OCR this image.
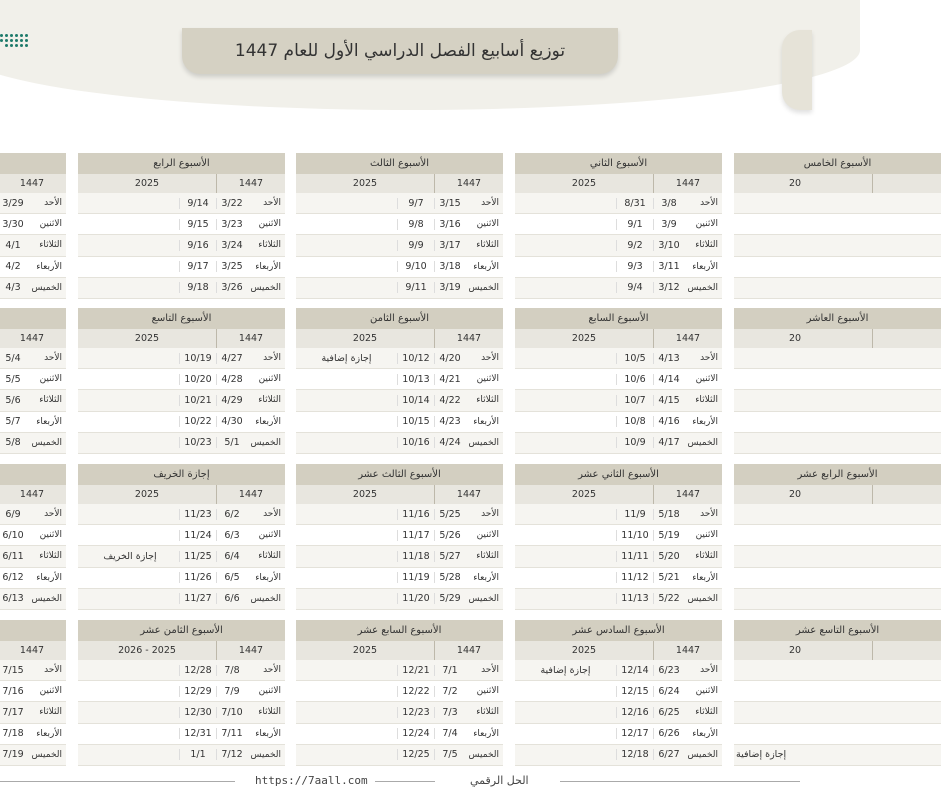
توزيع أسابيع الفصل الدراسي الأول للعام 1447
الأسبوع الثاني
1447
2025
الأحد
3/8
8/31
الاثنين
3/9
9/1
الثلاثاء
3/10
9/2
الأربعاء
3/11
9/3
الخميس
3/12
9/4
الأسبوع الثالث
1447
2025
الأحد
3/15
9/7
الاثنين
3/16
9/8
الثلاثاء
3/17
9/9
الأربعاء
3/18
9/10
الخميس
3/19
9/11
الأسبوع الرابع
1447
2025
الأحد
3/22
9/14
الاثنين
3/23
9/15
الثلاثاء
3/24
9/16
الأربعاء
3/25
9/17
الخميس
3/26
9/18
1447
الأحد
3/29
الاثنين
3/30
الثلاثاء
4/1
الأربعاء
4/2
الخميس
4/3
الأسبوع السابع
1447
2025
الأحد
4/13
10/5
الاثنين
4/14
10/6
الثلاثاء
4/15
10/7
الأربعاء
4/16
10/8
الخميس
4/17
10/9
الأسبوع الثامن
1447
2025
الأحد
4/20
10/12
إجازة إضافية
الاثنين
4/21
10/13
الثلاثاء
4/22
10/14
الأربعاء
4/23
10/15
الخميس
4/24
10/16
الأسبوع التاسع
1447
2025
الأحد
4/27
10/19
الاثنين
4/28
10/20
الثلاثاء
4/29
10/21
الأربعاء
4/30
10/22
الخميس
5/1
10/23
1447
الأحد
5/4
الاثنين
5/5
الثلاثاء
5/6
الأربعاء
5/7
الخميس
5/8
الأسبوع الثاني عشر
1447
2025
الأحد
5/18
11/9
الاثنين
5/19
11/10
الثلاثاء
5/20
11/11
الأربعاء
5/21
11/12
الخميس
5/22
11/13
الأسبوع الثالث عشر
1447
2025
الأحد
5/25
11/16
الاثنين
5/26
11/17
الثلاثاء
5/27
11/18
الأربعاء
5/28
11/19
الخميس
5/29
11/20
إجازة الخريف
1447
2025
الأحد
6/2
11/23
الاثنين
6/3
11/24
الثلاثاء
6/4
11/25
الأربعاء
6/5
11/26
الخميس
6/6
11/27
إجازة الخريف
1447
الأحد
6/9
الاثنين
6/10
الثلاثاء
6/11
الأربعاء
6/12
الخميس
6/13
الأسبوع السادس عشر
1447
2025
الأحد
6/23
12/14
إجازة إضافية
الاثنين
6/24
12/15
الثلاثاء
6/25
12/16
الأربعاء
6/26
12/17
الخميس
6/27
12/18
الأسبوع السابع عشر
1447
2025
الأحد
7/1
12/21
الاثنين
7/2
12/22
الثلاثاء
7/3
12/23
الأربعاء
7/4
12/24
الخميس
7/5
12/25
الأسبوع الثامن عشر
1447
2025 - 2026
الأحد
7/8
12/28
الاثنين
7/9
12/29
الثلاثاء
7/10
12/30
الأربعاء
7/11
12/31
الخميس
7/12
1/1
1447
الأحد
7/15
الاثنين
7/16
الثلاثاء
7/17
الأربعاء
7/18
الخميس
7/19
الأسبوع الخامس
20
الأسبوع العاشر
20
الأسبوع الرابع عشر
20
الأسبوع التاسع عشر
20
إجازة إضافية
https://7aall.com	الحل الرقمي
